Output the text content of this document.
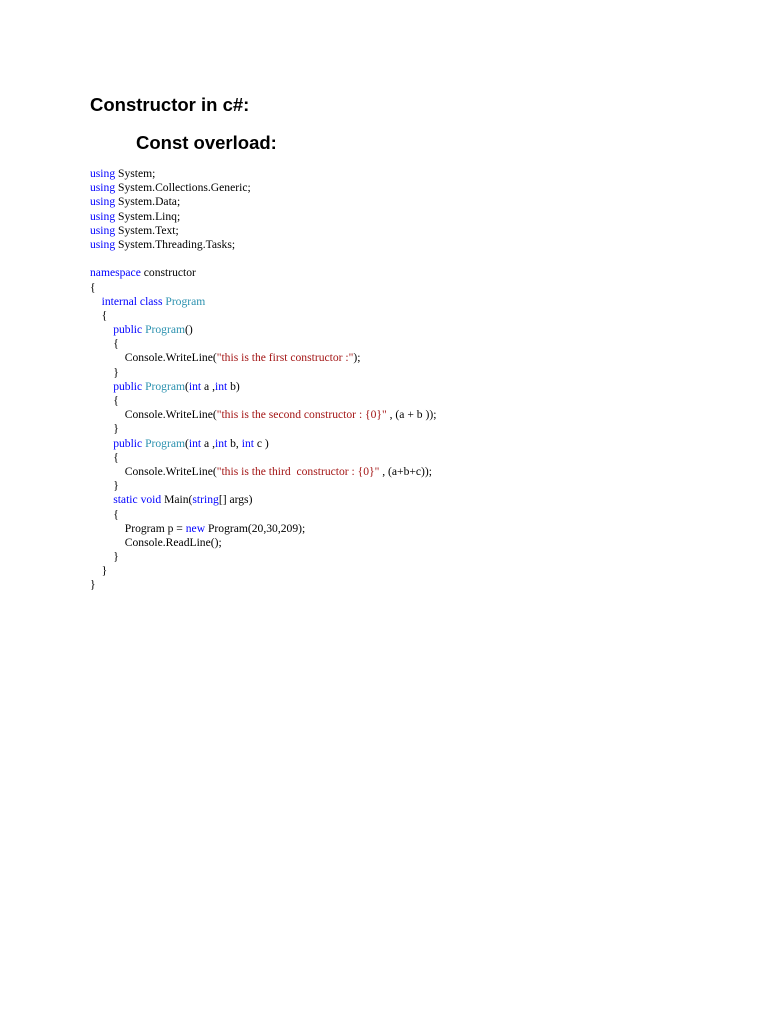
Constructor in c#:
Const overload:
using System;
using System.Collections.Generic;
using System.Data;
using System.Linq;
using System.Text;
using System.Threading.Tasks;
namespace constructor
{
internal class Program
{
public Program()
{
Console.WriteLine("this is the first constructor :");
}
public Program(int a ,int b)
{
Console.WriteLine("this is the second constructor : {0}" , (a + b ));
}
public Program(int a ,int b, int c )
{
Console.WriteLine("this is the third  constructor : {0}" , (a+b+c));
}
static void Main(string[] args)
{
Program p = new Program(20,30,209);
Console.ReadLine();
}
}
}
